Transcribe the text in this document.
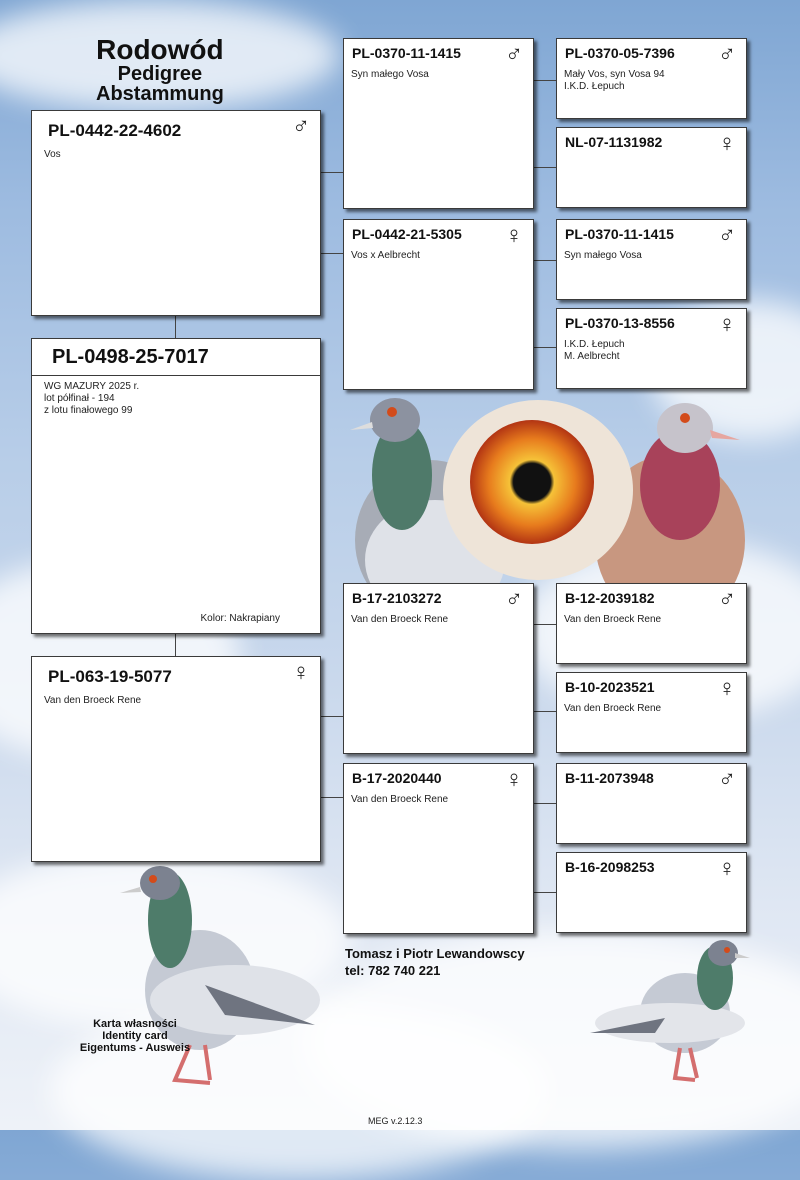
Rodowód
Pedigree
Abstammung
PL-0442-22-4602	♂
Vos
PL-0498-25-7017
WG MAZURY 2025 r.
lot półfinał - 194
z lotu finałowego 99
Kolor: Nakrapiany
PL-063-19-5077	♀
Van den Broeck Rene
PL-0370-11-1415 ♂
Syn małego Vosa
PL-0442-21-5305 ♀
Vos x Aelbrecht
B-17-2103272	♂
Van den Broeck Rene
B-17-2020440	♀
Van den Broeck Rene
PL-0370-05-7396 ♂
Mały Vos, syn Vosa 94
I.K.D. Łepuch
NL-07-1131982 ♀
PL-0370-11-1415 ♂
Syn małego Vosa
PL-0370-13-8556 ♀
I.K.D. Łepuch
M. Aelbrecht
B-12-2039182	♂
Van den Broeck Rene
B-10-2023521	♀
Van den Broeck Rene
B-11-2073948	♂
B-16-2098253	♀
Tomasz i Piotr Lewandowscy
tel: 782 740 221
Karta własności
Identity card
Eigentums - Ausweis
MEG v.2.12.3
